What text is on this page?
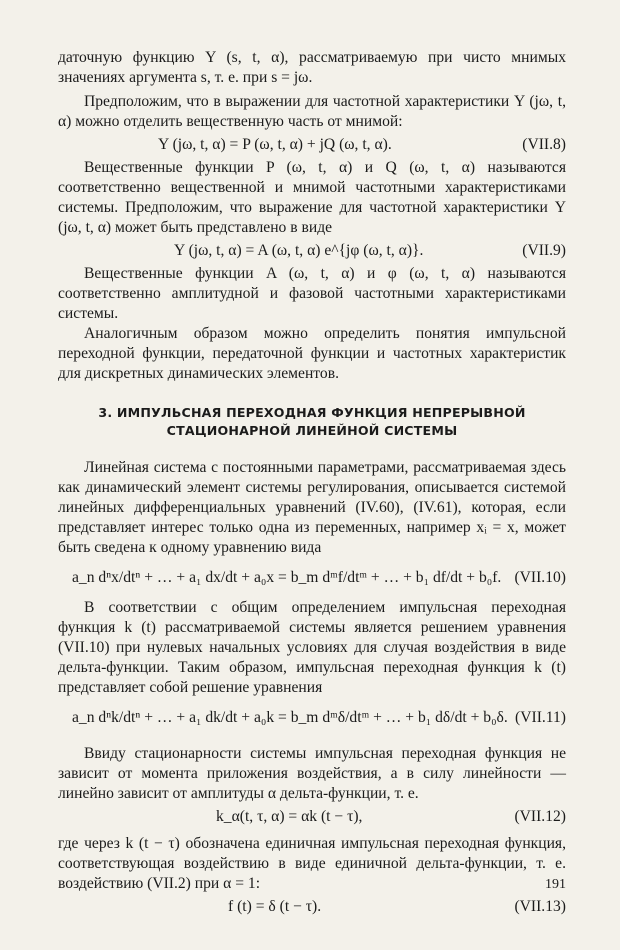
даточную функцию Y (s, t, α), рассматриваемую при чисто мнимых значениях аргумента s, т. е. при s = jω.

Предположим, что в выражении для частотной характеристики Y (jω, t, α) можно отделить вещественную часть от мнимой:

Y (jω, t, α) = P (ω, t, α) + jQ (ω, t, α).	(VII.8)

Вещественные функции P (ω, t, α) и Q (ω, t, α) называются соответственно вещественной и мнимой частотными характеристиками системы. Предположим, что выражение для частотной характеристики Y (jω, t, α) может быть представлено в виде

Y (jω, t, α) = A (ω, t, α) e^{jφ (ω, t, α)}.	(VII.9)

Вещественные функции A (ω, t, α) и φ (ω, t, α) называются соответственно амплитудной и фазовой частотными характеристиками системы.

Аналогичным образом можно определить понятия импульсной переходной функции, передаточной функции и частотных характеристик для дискретных динамических элементов.

3. ИМПУЛЬСНАЯ ПЕРЕХОДНАЯ ФУНКЦИЯ НЕПРЕРЫВНОЙ СТАЦИОНАРНОЙ ЛИНЕЙНОЙ СИСТЕМЫ

Линейная система с постоянными параметрами, рассматриваемая здесь как динамический элемент системы регулирования, описывается системой линейных дифференциальных уравнений (IV.60), (IV.61), которая, если представляет интерес только одна из переменных, например xᵢ = x, может быть сведена к одному уравнению вида

a_n dⁿx/dtⁿ + … + a₁ dx/dt + a₀x = b_m dᵐf/dtᵐ + … + b₁ df/dt + b₀f. (VII.10)

В соответствии с общим определением импульсная переходная функция k (t) рассматриваемой системы является решением уравнения (VII.10) при нулевых начальных условиях для случая воздействия в виде дельта-функции. Таким образом, импульсная переходная функция k (t) представляет собой решение уравнения

a_n dⁿk/dtⁿ + … + a₁ dk/dt + a₀k = b_m dᵐδ/dtᵐ + … + b₁ dδ/dt + b₀δ. (VII.11)

Ввиду стационарности системы импульсная переходная функция не зависит от момента приложения воздействия, а в силу линейности — линейно зависит от амплитуды α дельта-функции, т. е.

k_α(t, τ, α) = αk (t − τ),	(VII.12)

где через k (t − τ) обозначена единичная импульсная переходная функция, соответствующая воздействию в виде единичной дельта-функции, т. е. воздействию (VII.2) при α = 1:

f (t) = δ (t − τ).	(VII.13)
191
